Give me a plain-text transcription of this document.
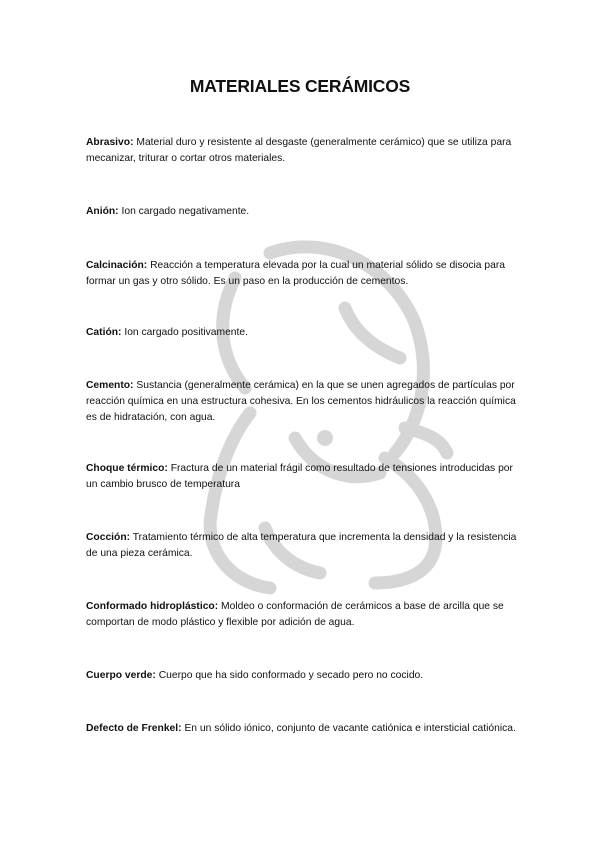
MATERIALES CERÁMICOS
Abrasivo: Material duro y resistente al desgaste (generalmente cerámico) que se utiliza para mecanizar, triturar o cortar otros materiales.
Anión: Ion cargado negativamente.
Calcinación: Reacción a temperatura elevada por la cual un material sólido se disocia para formar un gas y otro sólido. Es un paso en la producción de cementos.
Catión: Ion cargado positivamente.
Cemento: Sustancia (generalmente cerámica) en la que se unen agregados de partículas por reacción química en una estructura cohesiva. En los cementos hidráulicos la reacción química es de hidratación, con agua.
Choque térmico: Fractura de un material frágil como resultado de tensiones introducidas por un cambio brusco de temperatura
Cocción: Tratamiento térmico de alta temperatura que incrementa la densidad y la resistencia de una pieza cerámica.
Conformado hidroplástico: Moldeo o conformación de cerámicos a base de arcilla que se comportan de modo plástico y flexible por adición de agua.
Cuerpo verde: Cuerpo que ha sido conformado y secado pero no cocido.
Defecto de Frenkel: En un sólido iónico, conjunto de vacante catiónica e intersticial catiónica.
